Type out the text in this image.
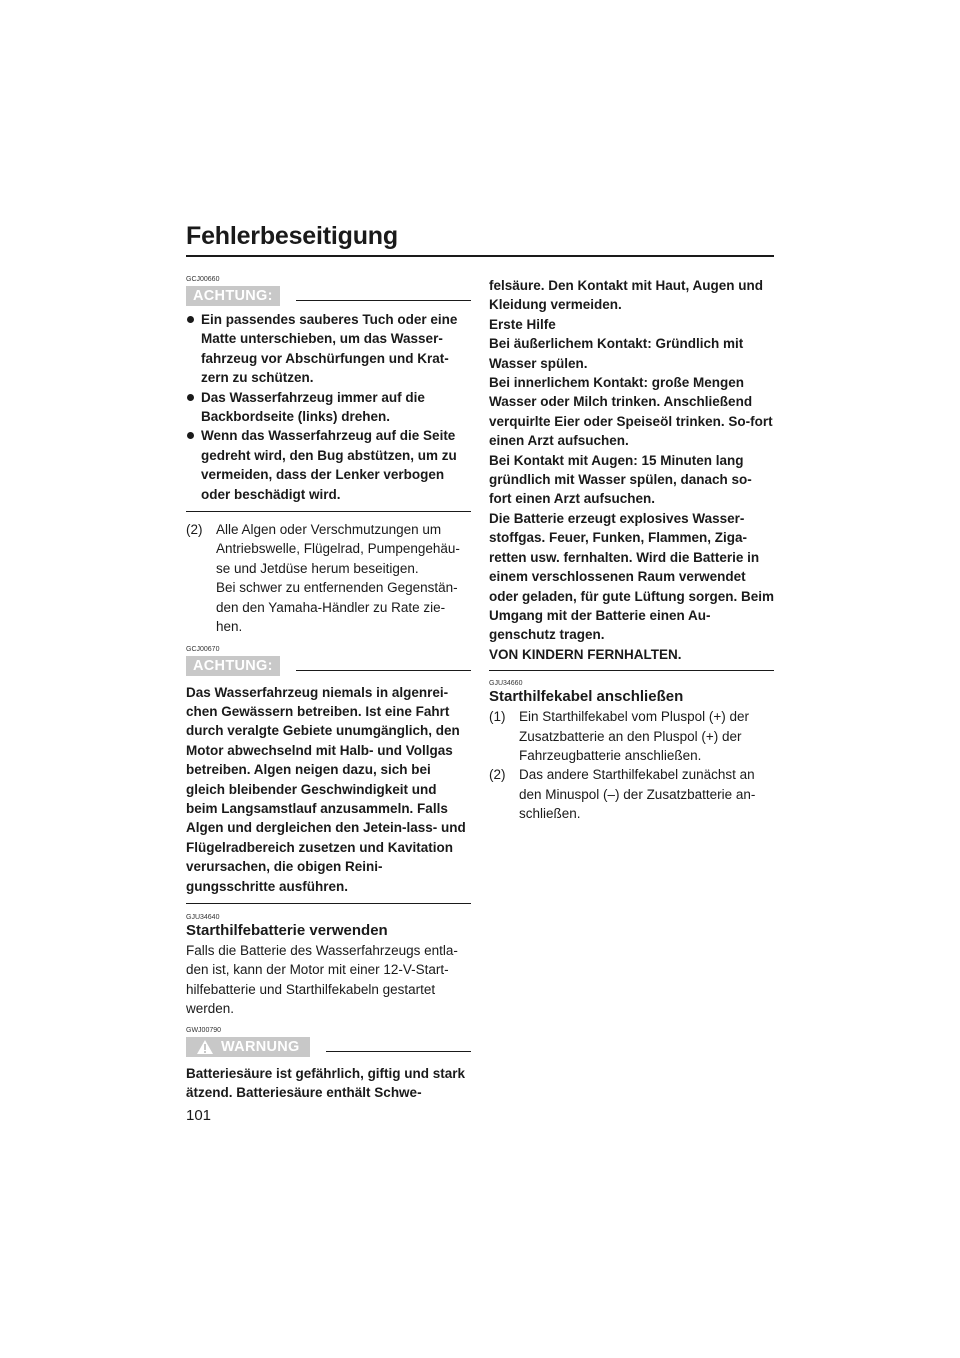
Fehlerbeseitigung

GCJ00660

ACHTUNG:
Ein passendes sauberes Tuch oder eine Matte unterschieben, um das Wasser-fahrzeug vor Abschürfungen und Krat-zern zu schützen.
Das Wasserfahrzeug immer auf die Backbordseite (links) drehen.
Wenn das Wasserfahrzeug auf die Seite gedreht wird, den Bug abstützen, um zu vermeiden, dass der Lenker verbogen oder beschädigt wird.
(2) Alle Algen oder Verschmutzungen um Antriebswelle, Flügelrad, Pumpengehäu-se und Jetdüse herum beseitigen.
Bei schwer zu entfernenden Gegenstän-den den Yamaha-Händler zu Rate zie-hen.

GCJ00670

ACHTUNG:

Das Wasserfahrzeug niemals in algenrei-chen Gewässern betreiben. Ist eine Fahrt durch veralgte Gebiete unumgänglich, den Motor abwechselnd mit Halb- und Vollgas betreiben. Algen neigen dazu, sich bei gleich bleibender Geschwindigkeit und beim Langsamstlauf anzusammeln. Falls Algen und dergleichen den Jetein-lass- und Flügelradbereich zusetzen und Kavitation verursachen, die obigen Reini-gungsschritte ausführen.

GJU34640

Starthilfebatterie verwenden

Falls die Batterie des Wasserfahrzeugs entla-den ist, kann der Motor mit einer 12-V-Start-hilfebatterie und Starthilfekabeln gestartet werden.

GWJ00790

WARNUNG

Batteriesäure ist gefährlich, giftig und stark ätzend. Batteriesäure enthält Schwe-

felsäure. Den Kontakt mit Haut, Augen und Kleidung vermeiden.

Erste Hilfe

Bei äußerlichem Kontakt: Gründlich mit Wasser spülen.

Bei innerlichem Kontakt: große Mengen Wasser oder Milch trinken. Anschließend verquirlte Eier oder Speiseöl trinken. So-fort einen Arzt aufsuchen.

Bei Kontakt mit Augen: 15 Minuten lang gründlich mit Wasser spülen, danach so-fort einen Arzt aufsuchen.

Die Batterie erzeugt explosives Wasser-stoffgas. Feuer, Funken, Flammen, Ziga-retten usw. fernhalten. Wird die Batterie in einem verschlossenen Raum verwendet oder geladen, für gute Lüftung sorgen. Beim Umgang mit der Batterie einen Au-genschutz tragen.

VON KINDERN FERNHALTEN.

GJU34660

Starthilfekabel anschließen
(1) Ein Starthilfekabel vom Pluspol (+) der Zusatzbatterie an den Pluspol (+) der Fahrzeugbatterie anschließen.
(2) Das andere Starthilfekabel zunächst an den Minuspol (–) der Zusatzbatterie an-schließen.
101
